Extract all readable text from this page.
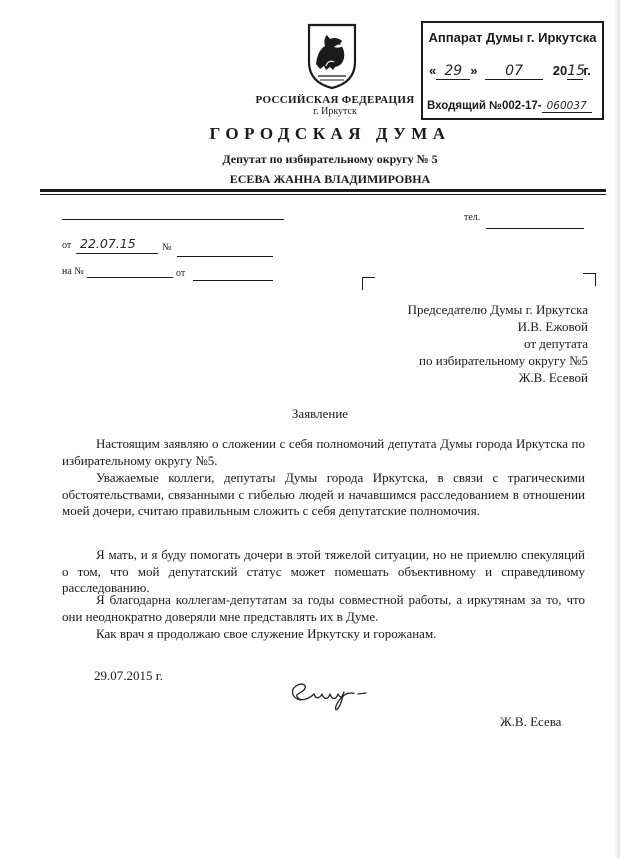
РОССИЙСКАЯ ФЕДЕРАЦИЯ
г. Иркутск
ГОРОДСКАЯ ДУМА
Депутат по избирательному округу № 5
ЕСЕВА ЖАННА ВЛАДИМИРОВНА
Аппарат Думы г. Иркутска
« 29 » 07 2015г.
Входящий №002-17- 060037
тел.
от 22.07.15	№
на №	от
Председателю Думы г. Иркутска
И.В. Ежовой
от депутата
по избирательному округу №5
Ж.В. Есевой
Заявление

Настоящим заявляю о сложении с себя полномочий депутата Думы города Иркутска по избирательному округу №5.

Уважаемые коллеги, депутаты Думы города Иркутска, в связи с трагическими обстоятельствами, связанными с гибелью людей и начавшимся расследованием в отношении моей дочери, считаю правильным сложить с себя депутатские полномочия.

Я мать, и я буду помогать дочери в этой тяжелой ситуации, но не приемлю спекуляций о том, что мой депутатский статус может помешать объективному и справедливому расследованию.

Я благодарна коллегам-депутатам за годы совместной работы, а иркутянам за то, что они неоднократно доверяли мне представлять их в Думе.

Как врач я продолжаю свое служение Иркутску и горожанам.

29.07.2015 г.
Ж.В. Есева
